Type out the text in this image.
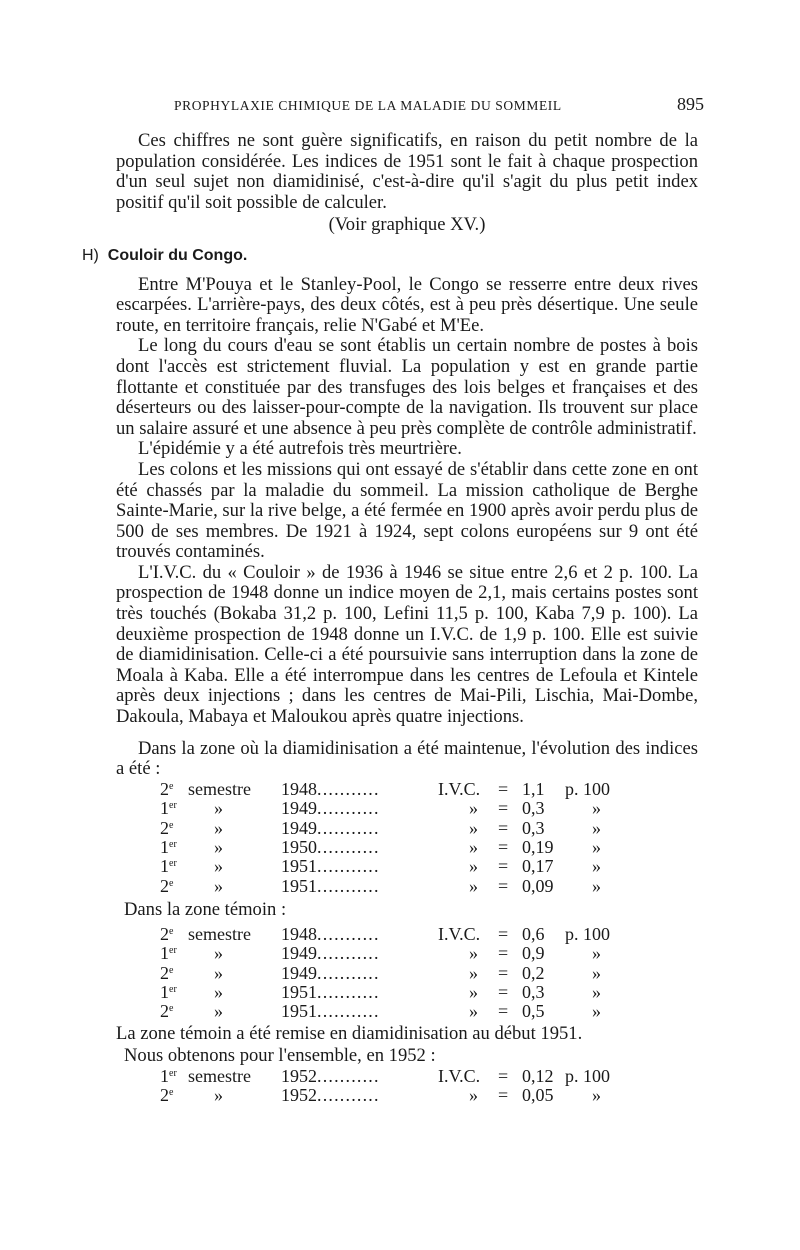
PROPHYLAXIE CHIMIQUE DE LA MALADIE DU SOMMEIL	895

Ces chiffres ne sont guère significatifs, en raison du petit nombre de la population considérée. Les indices de 1951 sont le fait à chaque prospection d'un seul sujet non diamidinisé, c'est-à-dire qu'il s'agit du plus petit index positif qu'il soit possible de calculer.

(Voir graphique XV.)
H) Couloir du Congo.

Entre M'Pouya et le Stanley-Pool, le Congo se resserre entre deux rives escarpées. L'arrière-pays, des deux côtés, est à peu près désertique. Une seule route, en territoire français, relie N'Gabé et M'Ee.

Le long du cours d'eau se sont établis un certain nombre de postes à bois dont l'accès est strictement fluvial. La population y est en grande partie flottante et constituée par des transfuges des lois belges et françaises et des déserteurs ou des laisser-pour-compte de la navigation. Ils trouvent sur place un salaire assuré et une absence à peu près complète de contrôle administratif.

L'épidémie y a été autrefois très meurtrière.

Les colons et les missions qui ont essayé de s'établir dans cette zone en ont été chassés par la maladie du sommeil. La mission catholique de Berghe Sainte-Marie, sur la rive belge, a été fermée en 1900 après avoir perdu plus de 500 de ses membres. De 1921 à 1924, sept colons européens sur 9 ont été trouvés contaminés.

L'I.V.C. du « Couloir » de 1936 à 1946 se situe entre 2,6 et 2 p. 100. La prospection de 1948 donne un indice moyen de 2,1, mais certains postes sont très touchés (Bokaba 31,2 p. 100, Lefini 11,5 p. 100, Kaba 7,9 p. 100). La deuxième prospection de 1948 donne un I.V.C. de 1,9 p. 100. Elle est suivie de diamidinisation. Celle-ci a été poursuivie sans interruption dans la zone de Moala à Kaba. Elle a été interrompue dans les centres de Lefoula et Kintele après deux injections ; dans les centres de Mai-Pili, Lischia, Mai-Dombe, Dakoula, Mabaya et Maloukou après quatre injections.

Dans la zone où la diamidinisation a été maintenue, l'évolution des indices a été :

2e semestre 1948...........	I.V.C. = 1,1 p. 100
1er »	1949...........	» = 0,3	»
2e »	1949...........	» = 0,3	»
1er »	1950...........	» = 0,19 »
1er »	1951...........	» = 0,17 »
2e »	1951...........	» = 0,09 »
Dans la zone témoin :
2e semestre 1948...........	I.V.C. = 0,6 p. 100
1er »	1949...........	» = 0,9	»
2e »	1949...........	» = 0,2	»
1er »	1951...........	» = 0,3	»
2e »	1951...........	» = 0,5	»

La zone témoin a été remise en diamidinisation au début 1951.

Nous obtenons pour l'ensemble, en 1952 :

1er semestre 1952...........	I.V.C. = 0,12 p. 100
2e »	1952...........	» = 0,05 »
